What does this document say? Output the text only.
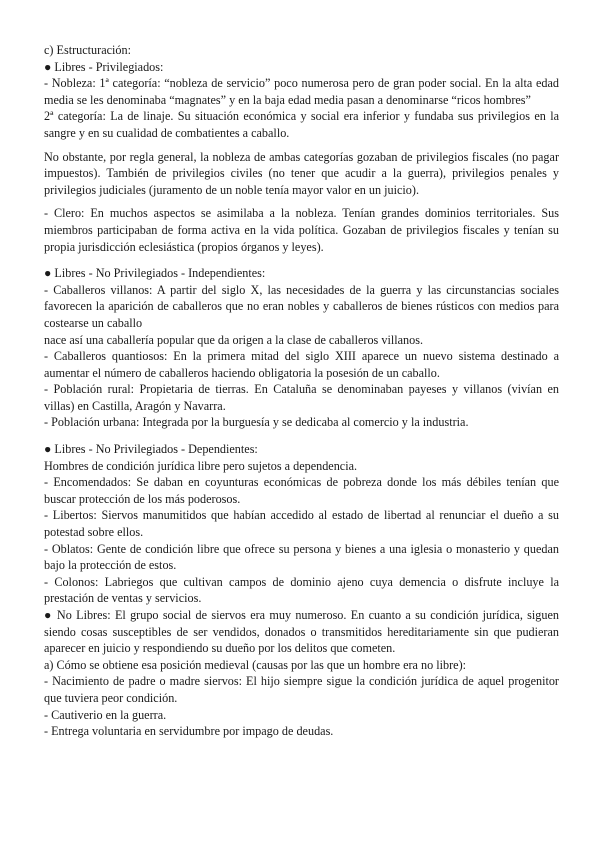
c) Estructuración:

● Libres - Privilegiados:

- Nobleza: 1ª categoría: “nobleza de servicio” poco numerosa pero de gran poder social. En la alta edad media se les denominaba “magnates” y en la baja edad media pasan a denominarse “ricos hombres”

2ª categoría: La de linaje. Su situación económica y social era inferior y fundaba sus privilegios en la sangre y en su cualidad de combatientes a caballo.

No obstante, por regla general, la nobleza de ambas categorías gozaban de privilegios fiscales (no pagar impuestos). También de privilegios civiles (no tener que acudir a la guerra), privilegios penales y privilegios judiciales (juramento de un noble tenía mayor valor en un juicio).

- Clero: En muchos aspectos se asimilaba a la nobleza. Tenían grandes dominios territoriales. Sus miembros participaban de forma activa en la vida política. Gozaban de privilegios fiscales y tenían su propia jurisdicción eclesiástica (propios órganos y leyes).

● Libres - No Privilegiados - Independientes:

- Caballeros villanos: A partir del siglo X, las necesidades de la guerra y las circunstancias sociales favorecen la aparición de caballeros que no eran nobles y caballeros de bienes rústicos con medios para costearse un caballo

nace así una caballería popular que da origen a la clase de caballeros villanos.

- Caballeros quantiosos: En la primera mitad del siglo XIII aparece un nuevo sistema destinado a aumentar el número de caballeros haciendo obligatoria la posesión de un caballo.

- Población rural: Propietaria de tierras. En Cataluña se denominaban payeses y villanos (vivían en villas) en Castilla, Aragón y Navarra.

- Población urbana: Integrada por la burguesía y se dedicaba al comercio y la industria.

● Libres - No Privilegiados - Dependientes:

Hombres de condición jurídica libre pero sujetos a dependencia.

- Encomendados: Se daban en coyunturas económicas de pobreza donde los más débiles tenían que buscar protección de los más poderosos.

- Libertos: Siervos manumitidos que habían accedido al estado de libertad al renunciar el dueño a su potestad sobre ellos.

- Oblatos: Gente de condición libre que ofrece su persona y bienes a una iglesia o monasterio y quedan bajo la protección de estos.

- Colonos: Labriegos que cultivan campos de dominio ajeno cuya demencia o disfrute incluye la prestación de ventas y servicios.

● No Libres: El grupo social de siervos era muy numeroso. En cuanto a su condición jurídica, siguen siendo cosas susceptibles de ser vendidos, donados o transmitidos hereditariamente sin que pudieran aparecer en juicio y respondiendo su dueño por los delitos que cometen.

a) Cómo se obtiene esa posición medieval (causas por las que un hombre era no libre):

- Nacimiento de padre o madre siervos: El hijo siempre sigue la condición jurídica de aquel progenitor que tuviera peor condición.

- Cautiverio en la guerra.

- Entrega voluntaria en servidumbre por impago de deudas.
